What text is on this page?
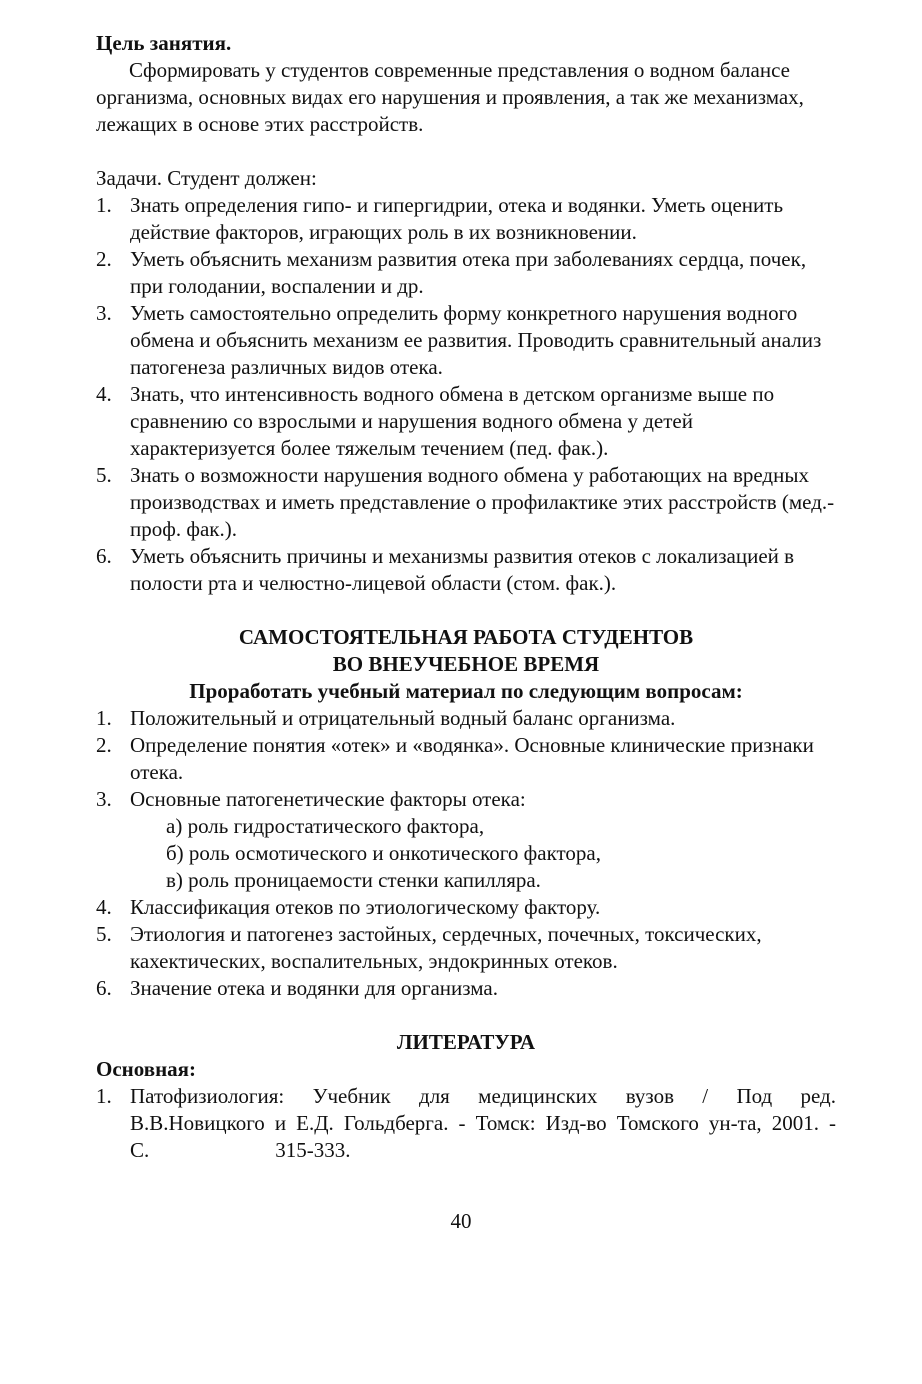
Цель занятия.

Сформировать у студентов современные представления о водном балансе организма, основных видах его нарушения и проявления, а так же механизмах, лежащих в основе этих расстройств.

Задачи. Студент должен:

1. Знать определения гипо- и гипергидрии, отека и водянки. Уметь оценить действие факторов, играющих роль в их возникновении.
2. Уметь объяснить механизм развития отека при заболеваниях сердца, почек, при голодании, воспалении и др.
3. Уметь самостоятельно определить форму конкретного нарушения водного обмена и объяснить механизм ее развития. Проводить сравнительный анализ патогенеза различных видов отека.
4. Знать, что интенсивность водного обмена в детском организме выше по сравнению со взрослыми и нарушения водного обмена у детей характеризуется более тяжелым течением (пед. фак.).
5. Знать о возможности нарушения водного обмена у работающих на вредных производствах и иметь представление о профилактике этих расстройств (мед.-проф. фак.).
6. Уметь объяснить причины и механизмы развития отеков с локализацией в полости рта и челюстно-лицевой области (стом. фак.).

САМОСТОЯТЕЛЬНАЯ РАБОТА СТУДЕНТОВ

ВО ВНЕУЧЕБНОЕ ВРЕМЯ

Проработать учебный материал по следующим вопросам:

1. Положительный и отрицательный водный баланс организма.
2. Определение понятия «отек» и «водянка». Основные клинические признаки отека.
3. Основные патогенетические факторы отека:

а) роль гидростатического фактора,

б) роль осмотического и онкотического фактора,

в) роль проницаемости стенки капилляра.

4. Классификация отеков по этиологическому фактору.
5. Этиология и патогенез застойных, сердечных, почечных, токсических, кахектических, воспалительных, эндокринных отеков.
6. Значение отека и водянки для организма.

ЛИТЕРАТУРА

Основная:

1. Патофизиология: Учебник для медицинских вузов / Под ред.
В.В.Новицкого и Е.Д. Гольдберга. - Томск: Изд-во Томского ун-та, 2001. -

С.	315-333.

40
